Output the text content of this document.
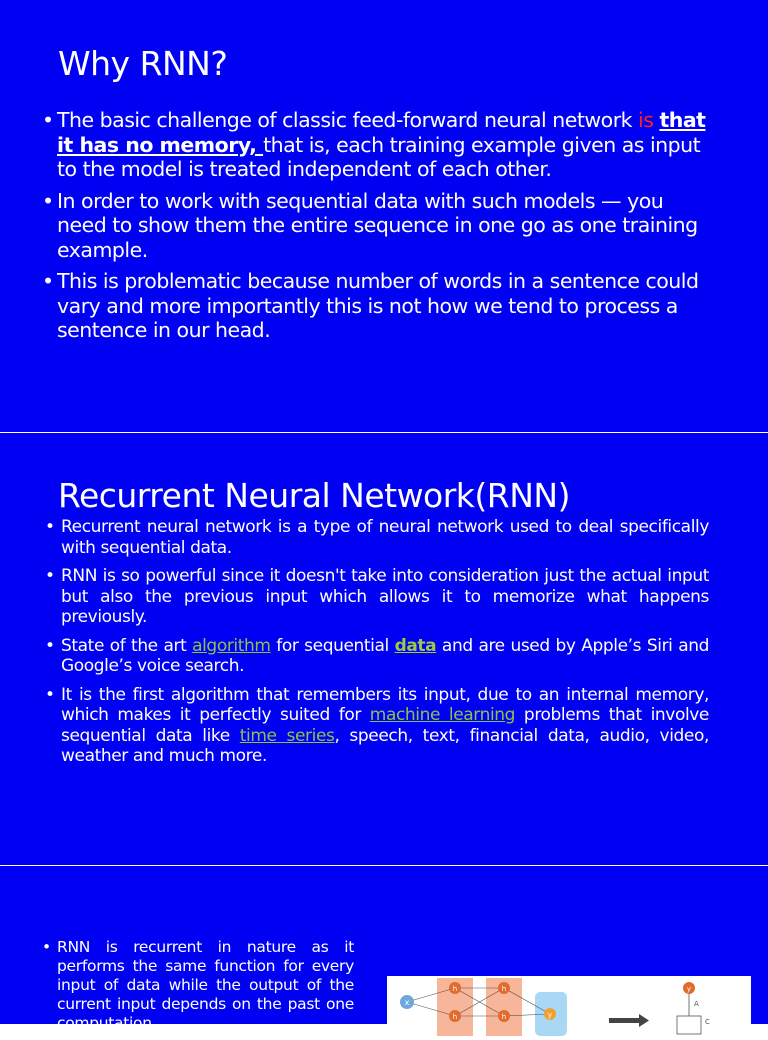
Why RNN?
• The basic challenge of classic feed-forward neural network is that it has no memory, that is, each training example given as input to the model is treated independent of each other.
• In order to work with sequential data with such models — you need to show them the entire sequence in one go as one training example.
• This is problematic because number of words in a sentence could vary and more importantly this is not how we tend to process a sentence in our head.
Recurrent Neural Network(RNN)
• Recurrent neural network is a type of neural network used to deal specifically with sequential data.
• RNN is so powerful since it doesn't take into consideration just the actual input but also the previous input which allows it to memorize what happens previously.
• State of the art algorithm for sequential data and are used by Apple’s Siri and Google’s voice search.
• It is the first algorithm that remembers its input, due to an internal memory, which makes it perfectly suited for machine learning problems that involve sequential data like time series, speech, text, financial data, audio, video, weather and much more.
• RNN is recurrent in nature as it performs the same function for every input of data while the output of the current input depends on the past one computation.
x
h
h
h
h	y
y
A
C
